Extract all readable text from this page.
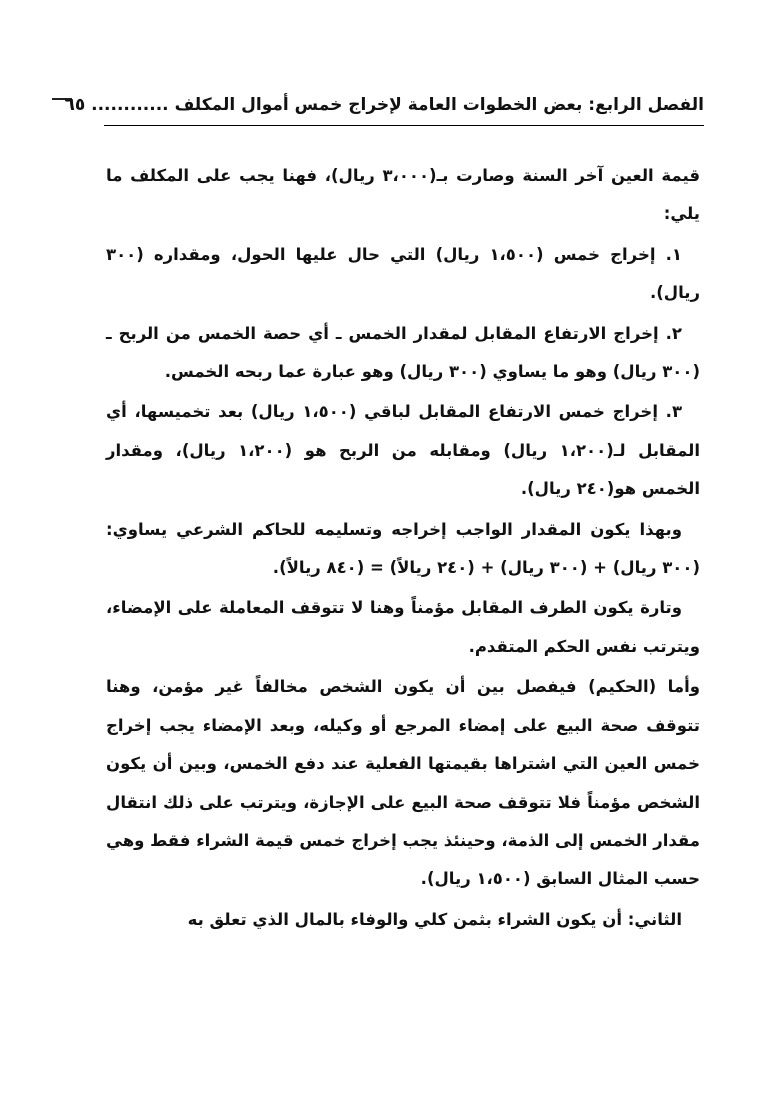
الفصل الرابع: بعض الخطوات العامة لإخراج خمس أموال المكلف ............ ٦٥

قيمة العين آخر السنة وصارت بـ(٣،٠٠٠ ريال)، فهنا يجب على المكلف ما يلي:

١. إخراج خمس (١،٥٠٠ ريال) التي حال عليها الحول، ومقداره (٣٠٠ ريال).

٢. إخراج الارتفاع المقابل لمقدار الخمس ـ أي حصة الخمس من الربح ـ (٣٠٠ ريال) وهو ما يساوي (٣٠٠ ريال) وهو عبارة عما ربحه الخمس.

٣. إخراج خمس الارتفاع المقابل لباقي (١،٥٠٠ ريال) بعد تخميسها، أي المقابل لـ(١،٢٠٠ ريال) ومقابله من الربح هو (١،٢٠٠ ريال)، ومقدار الخمس هو(٢٤٠ ريال).

وبهذا يكون المقدار الواجب إخراجه وتسليمه للحاكم الشرعي يساوي: (٣٠٠ ريال) + (٣٠٠ ريال) + (٢٤٠ ريالاً) = (٨٤٠ ريالاً).

وتارة يكون الطرف المقابل مؤمناً وهنا لا تتوقف المعاملة على الإمضاء، ويترتب نفس الحكم المتقدم.

وأما (الحكيم) فيفصل بين أن يكون الشخص مخالفاً غير مؤمن، وهنا تتوقف صحة البيع على إمضاء المرجع أو وكيله، وبعد الإمضاء يجب إخراج خمس العين التي اشتراها بقيمتها الفعلية عند دفع الخمس، وبين أن يكون الشخص مؤمناً فلا تتوقف صحة البيع على الإجازة، ويترتب على ذلك انتقال مقدار الخمس إلى الذمة، وحينئذ يجب إخراج خمس قيمة الشراء فقط وهي حسب المثال السابق (١،٥٠٠ ريال).

الثاني: أن يكون الشراء بثمن كلي والوفاء بالمال الذي تعلق به
